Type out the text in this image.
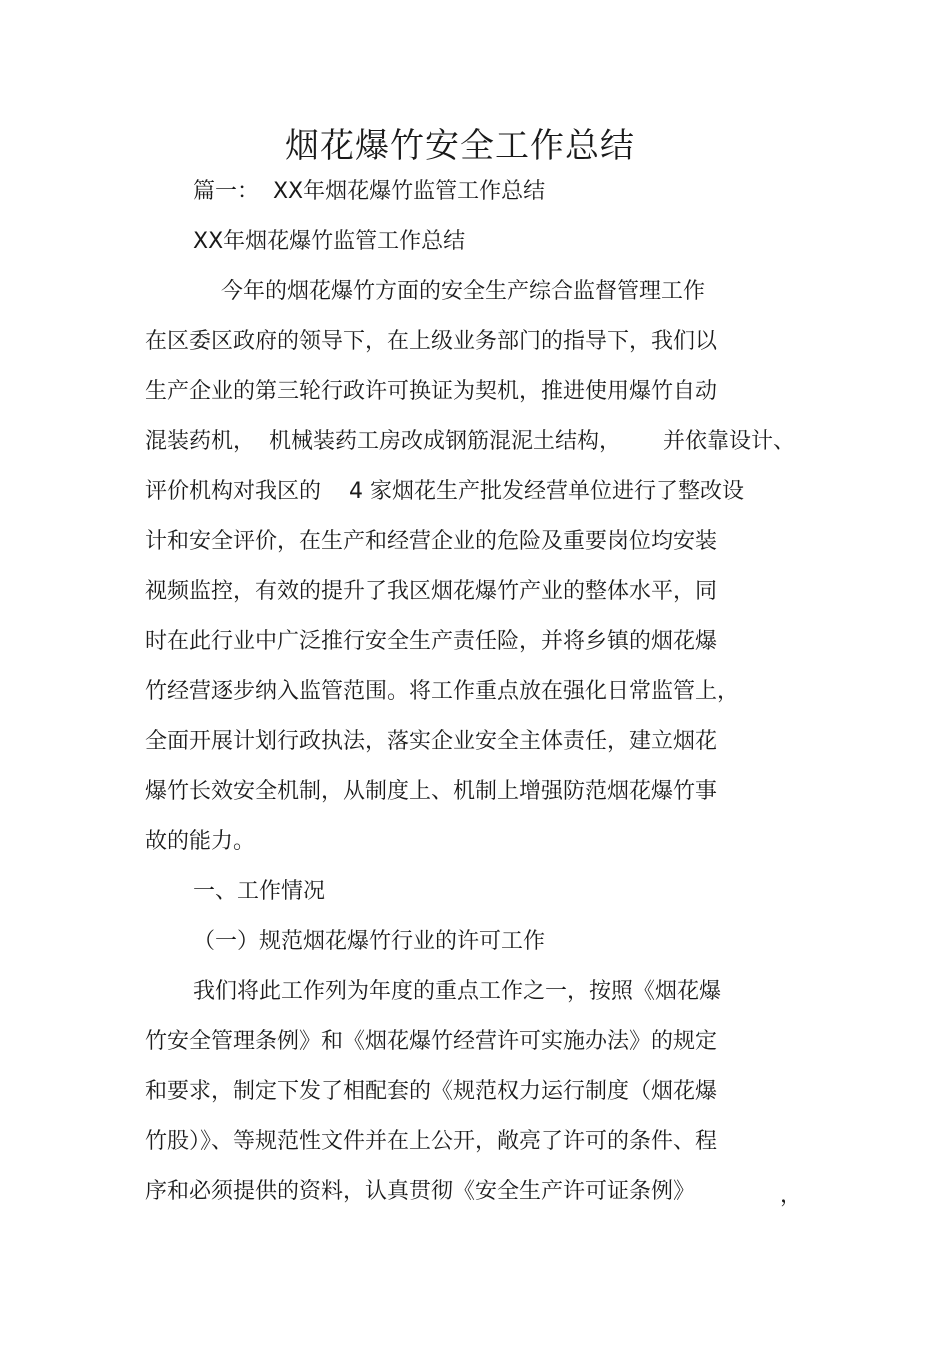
烟花爆竹安全工作总结
篇一：  XX年烟花爆竹监管工作总结
XX年烟花爆竹监管工作总结
今年的烟花爆竹方面的安全生产综合监督管理工作
在区委区政府的领导下，在上级业务部门的指导下，我们以
生产企业的第三轮行政许可换证为契机，推进使用爆竹自动
混装药机，  机械装药工房改成钢筋混泥土结构，      并依靠设计、
评价机构对我区的    4 家烟花生产批发经营单位进行了整改设
计和安全评价，在生产和经营企业的危险及重要岗位均安装
视频监控，有效的提升了我区烟花爆竹产业的整体水平，同
时在此行业中广泛推行安全生产责任险，并将乡镇的烟花爆
竹经营逐步纳入监管范围。将工作重点放在强化日常监管上，
全面开展计划行政执法，落实企业安全主体责任，建立烟花
爆竹长效安全机制，从制度上、机制上增强防范烟花爆竹事
故的能力。
一、工作情况
（一）规范烟花爆竹行业的许可工作
我们将此工作列为年度的重点工作之一，按照《烟花爆
竹安全管理条例》和《烟花爆竹经营许可实施办法》的规定
和要求，制定下发了相配套的《规范权力运行制度（烟花爆
竹股）》、等规范性文件并在上公开，敞亮了许可的条件、程
序和必须提供的资料，认真贯彻《安全生产许可证条例》	，
